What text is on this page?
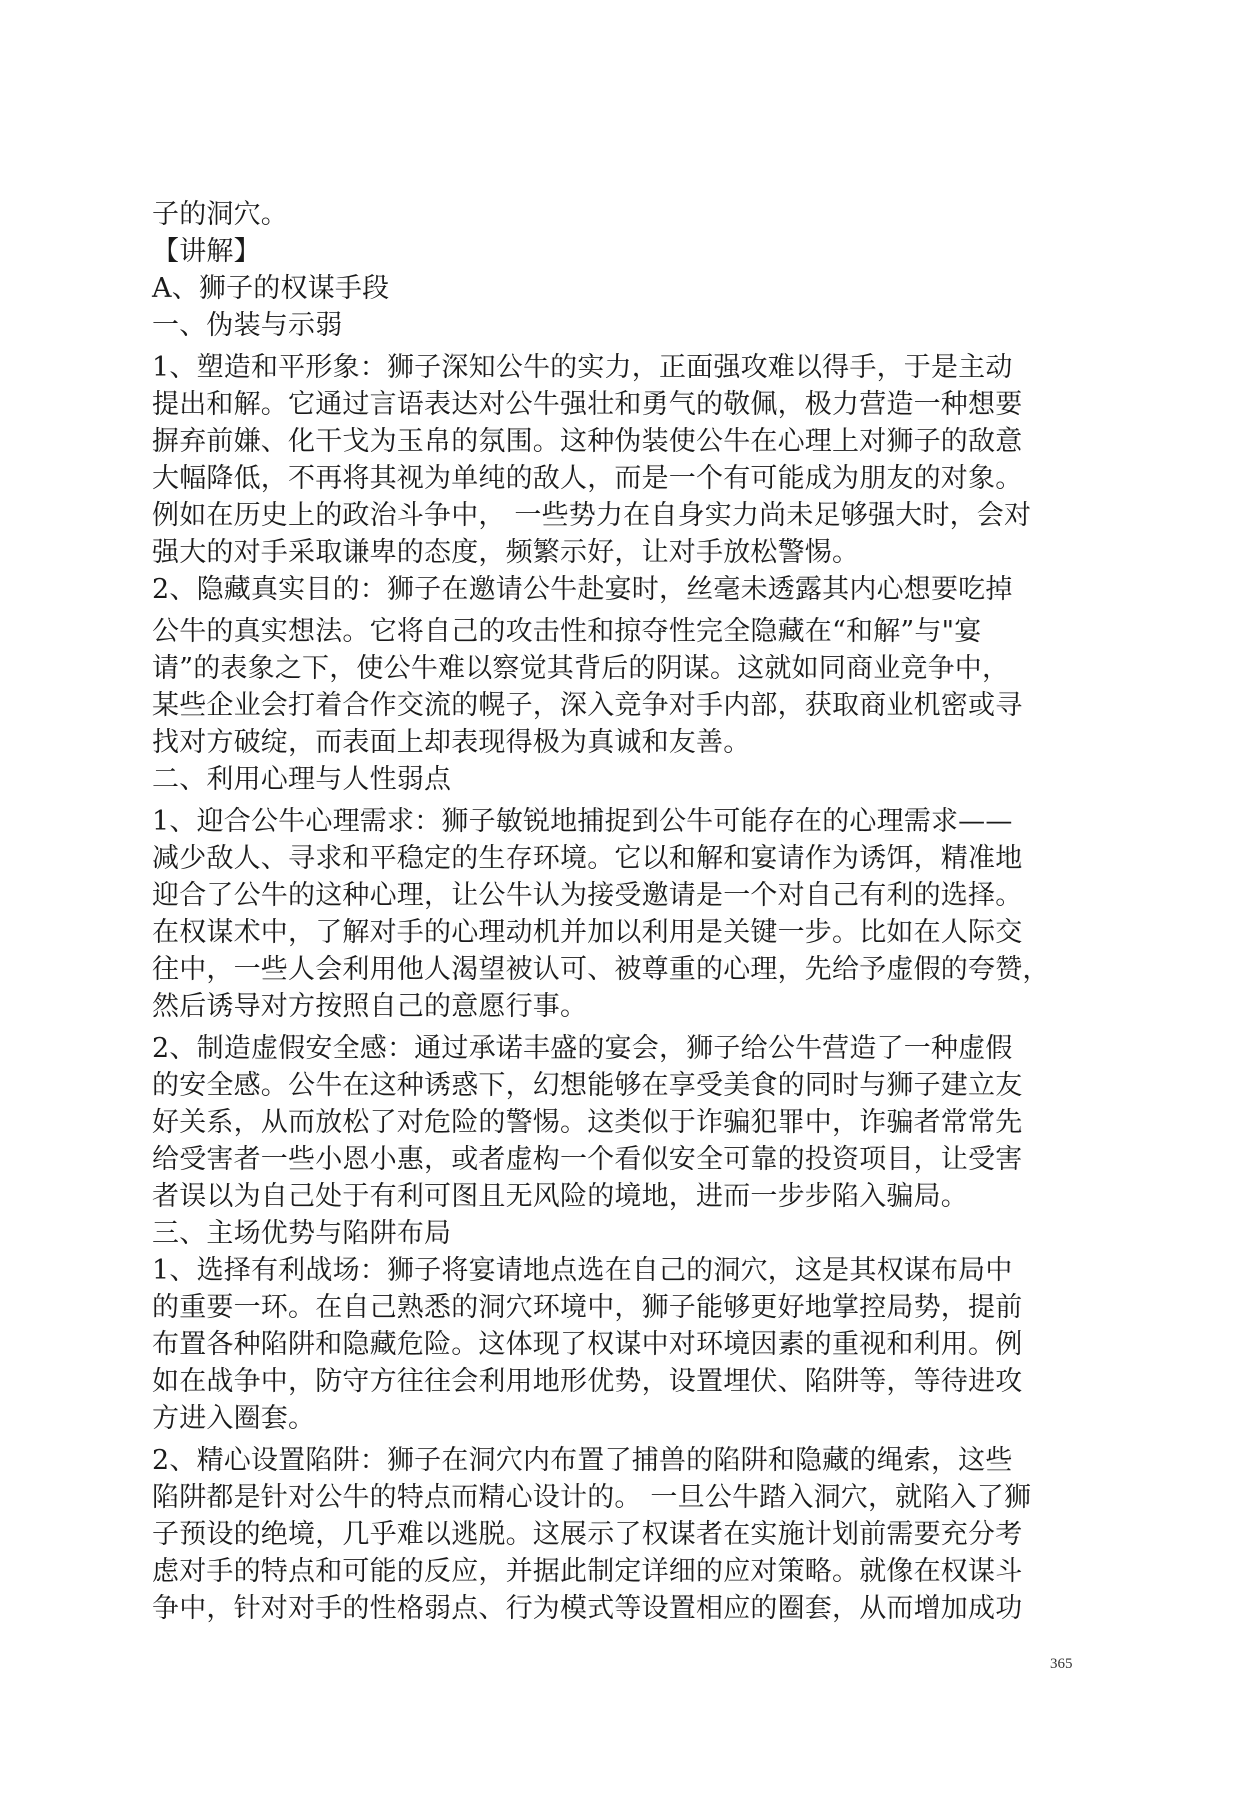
子的洞穴。
【讲解】
A、狮子的权谋手段
一、伪装与示弱
1、塑造和平形象：狮子深知公牛的实力，正面强攻难以得手，于是主动
提出和解。它通过言语表达对公牛强壮和勇气的敬佩，极力营造一种想要
摒弃前嫌、化干戈为玉帛的氛围。这种伪装使公牛在心理上对狮子的敌意
大幅降低，不再将其视为单纯的敌人，而是一个有可能成为朋友的对象。
例如在历史上的政治斗争中， 一些势力在自身实力尚未足够强大时，会对
强大的对手采取谦卑的态度，频繁示好，让对手放松警惕。
2、隐藏真实目的：狮子在邀请公牛赴宴时，丝毫未透露其内心想要吃掉
公牛的真实想法。它将自己的攻击性和掠夺性完全隐藏在“和解”与"宴
请”的表象之下，使公牛难以察觉其背后的阴谋。这就如同商业竞争中，
某些企业会打着合作交流的幌子，深入竞争对手内部，获取商业机密或寻
找对方破绽，而表面上却表现得极为真诚和友善。
二、利用心理与人性弱点
1、迎合公牛心理需求：狮子敏锐地捕捉到公牛可能存在的心理需求——
减少敌人、寻求和平稳定的生存环境。它以和解和宴请作为诱饵，精准地
迎合了公牛的这种心理，让公牛认为接受邀请是一个对自己有利的选择。
在权谋术中，了解对手的心理动机并加以利用是关键一步。比如在人际交
往中，一些人会利用他人渴望被认可、被尊重的心理，先给予虚假的夸赞，
然后诱导对方按照自己的意愿行事。
2、制造虚假安全感：通过承诺丰盛的宴会，狮子给公牛营造了一种虚假
的安全感。公牛在这种诱惑下，幻想能够在享受美食的同时与狮子建立友
好关系，从而放松了对危险的警惕。这类似于诈骗犯罪中，诈骗者常常先
给受害者一些小恩小惠，或者虚构一个看似安全可靠的投资项目，让受害
者误以为自己处于有利可图且无风险的境地，进而一步步陷入骗局。
三、主场优势与陷阱布局
1、选择有利战场：狮子将宴请地点选在自己的洞穴，这是其权谋布局中
的重要一环。在自己熟悉的洞穴环境中，狮子能够更好地掌控局势，提前
布置各种陷阱和隐藏危险。这体现了权谋中对环境因素的重视和利用。例
如在战争中，防守方往往会利用地形优势，设置埋伏、陷阱等，等待进攻
方进入圈套。
2、精心设置陷阱：狮子在洞穴内布置了捕兽的陷阱和隐藏的绳索，这些
陷阱都是针对公牛的特点而精心设计的。 一旦公牛踏入洞穴，就陷入了狮
子预设的绝境，几乎难以逃脱。这展示了权谋者在实施计划前需要充分考
虑对手的特点和可能的反应，并据此制定详细的应对策略。就像在权谋斗
争中，针对对手的性格弱点、行为模式等设置相应的圈套，从而增加成功
365
